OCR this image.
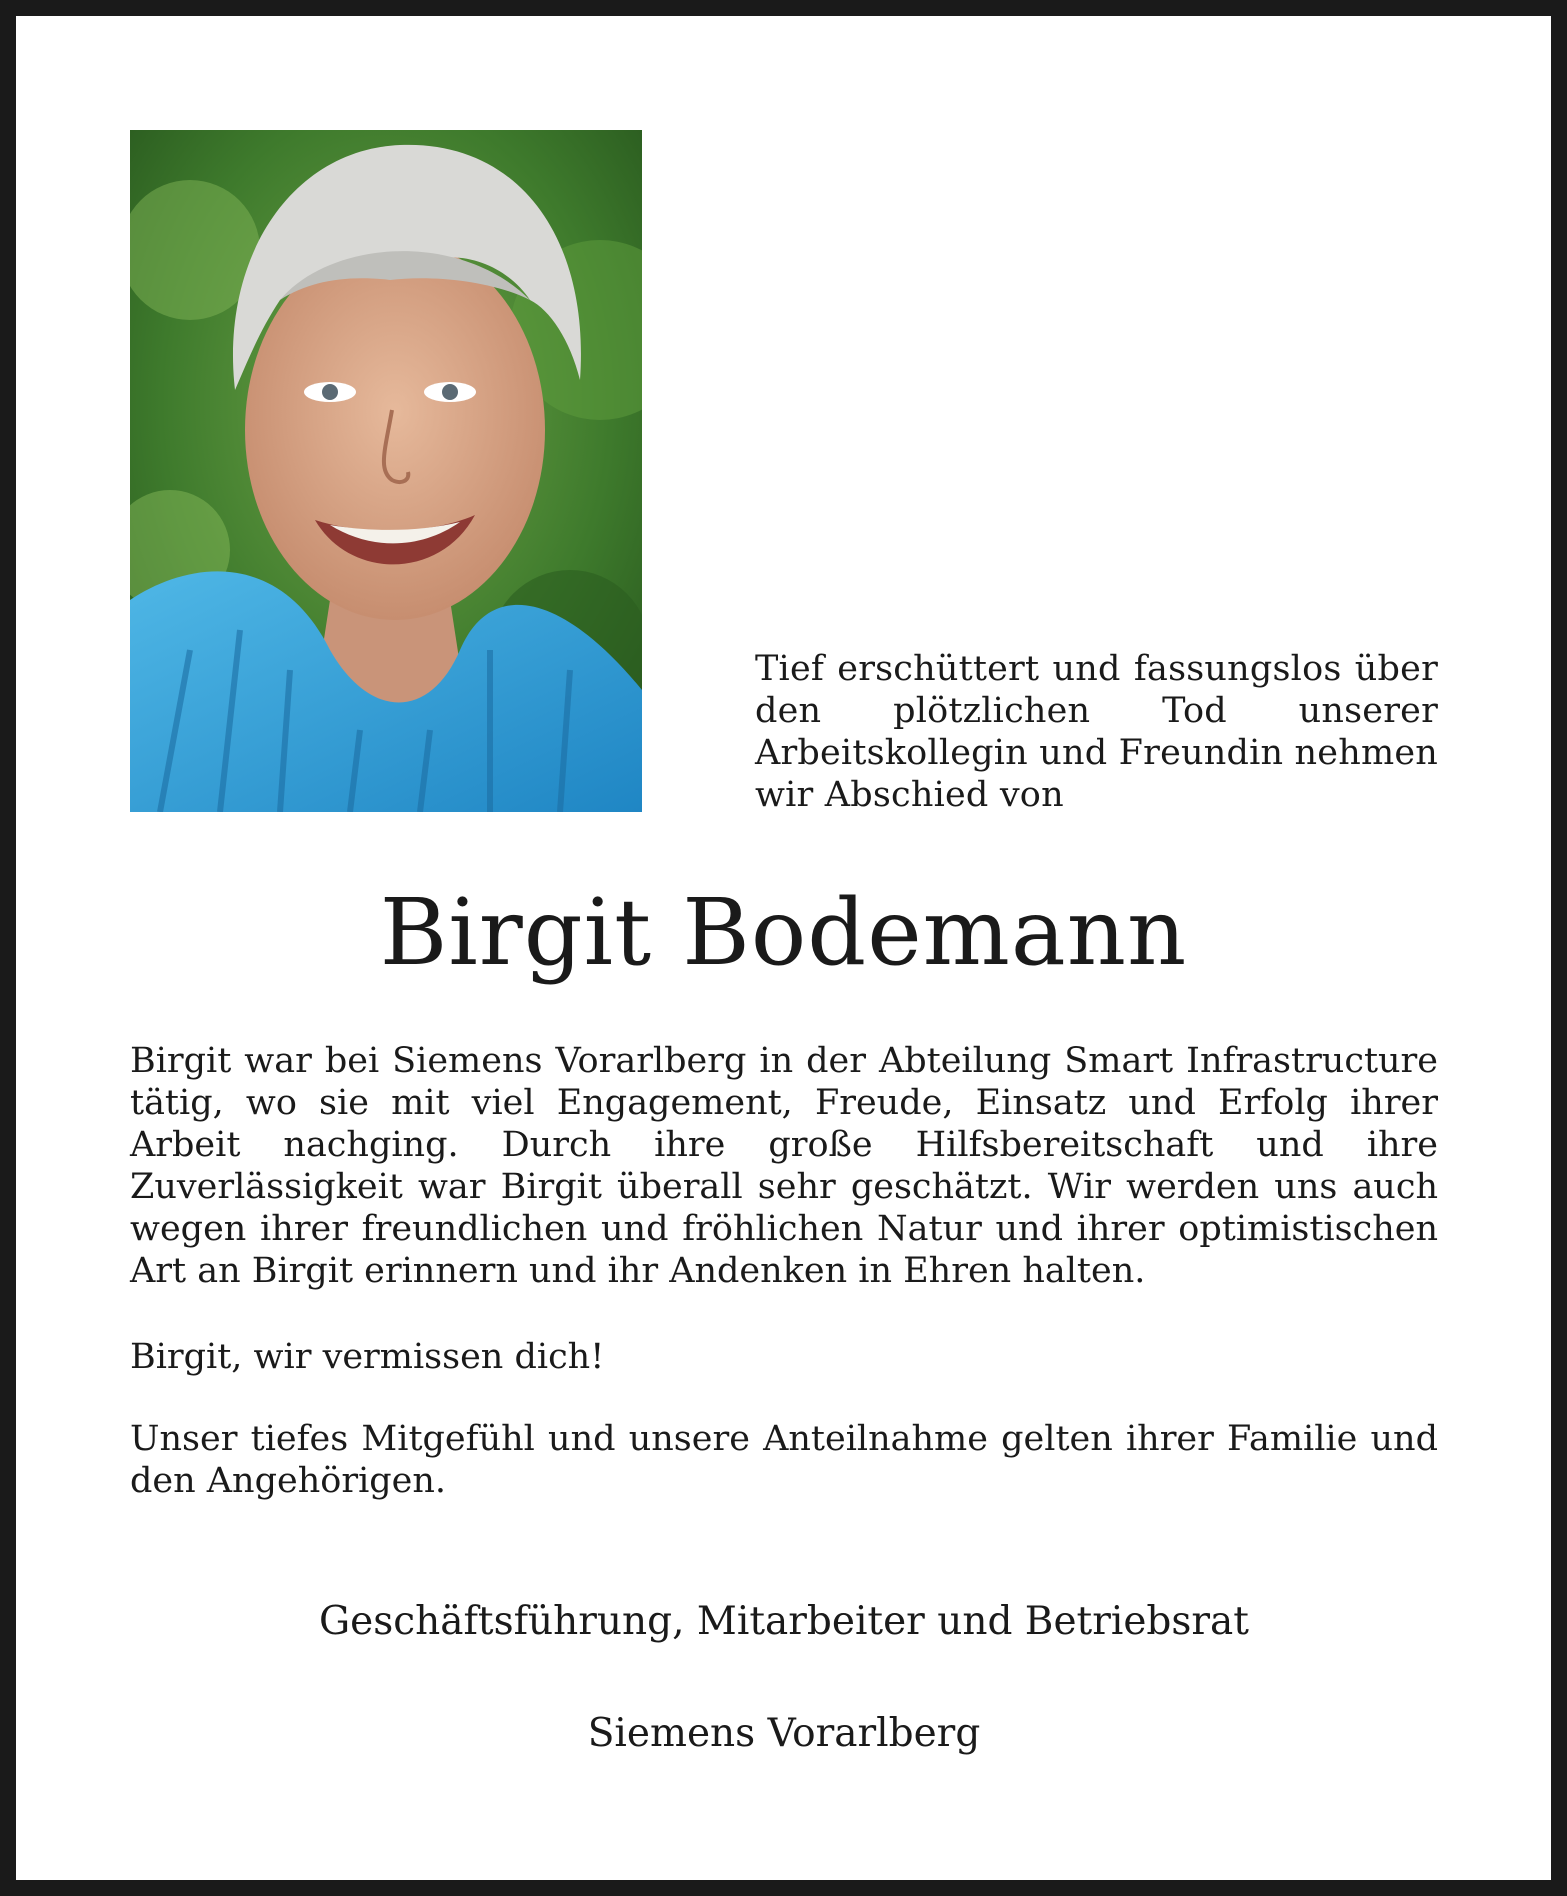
Tief erschüttert und fassungslos über den plötzlichen Tod unserer Arbeitskollegin und Freundin nehmen wir Abschied von
Birgit Bodemann
Birgit war bei Siemens Vorarlberg in der Abteilung Smart Infrastructure tätig, wo sie mit viel Engagement, Freude, Einsatz und Erfolg ihrer Arbeit nachging. Durch ihre große Hilfsbereitschaft und ihre Zuverlässigkeit war Birgit überall sehr geschätzt. Wir werden uns auch wegen ihrer freundlichen und fröhlichen Natur und ihrer optimistischen Art an Birgit erinnern und ihr Andenken in Ehren halten.
Birgit, wir vermissen dich!
Unser tiefes Mitgefühl und unsere Anteilnahme gelten ihrer Familie und den Angehörigen.
Geschäftsführung, Mitarbeiter und Betriebsrat
Siemens Vorarlberg
